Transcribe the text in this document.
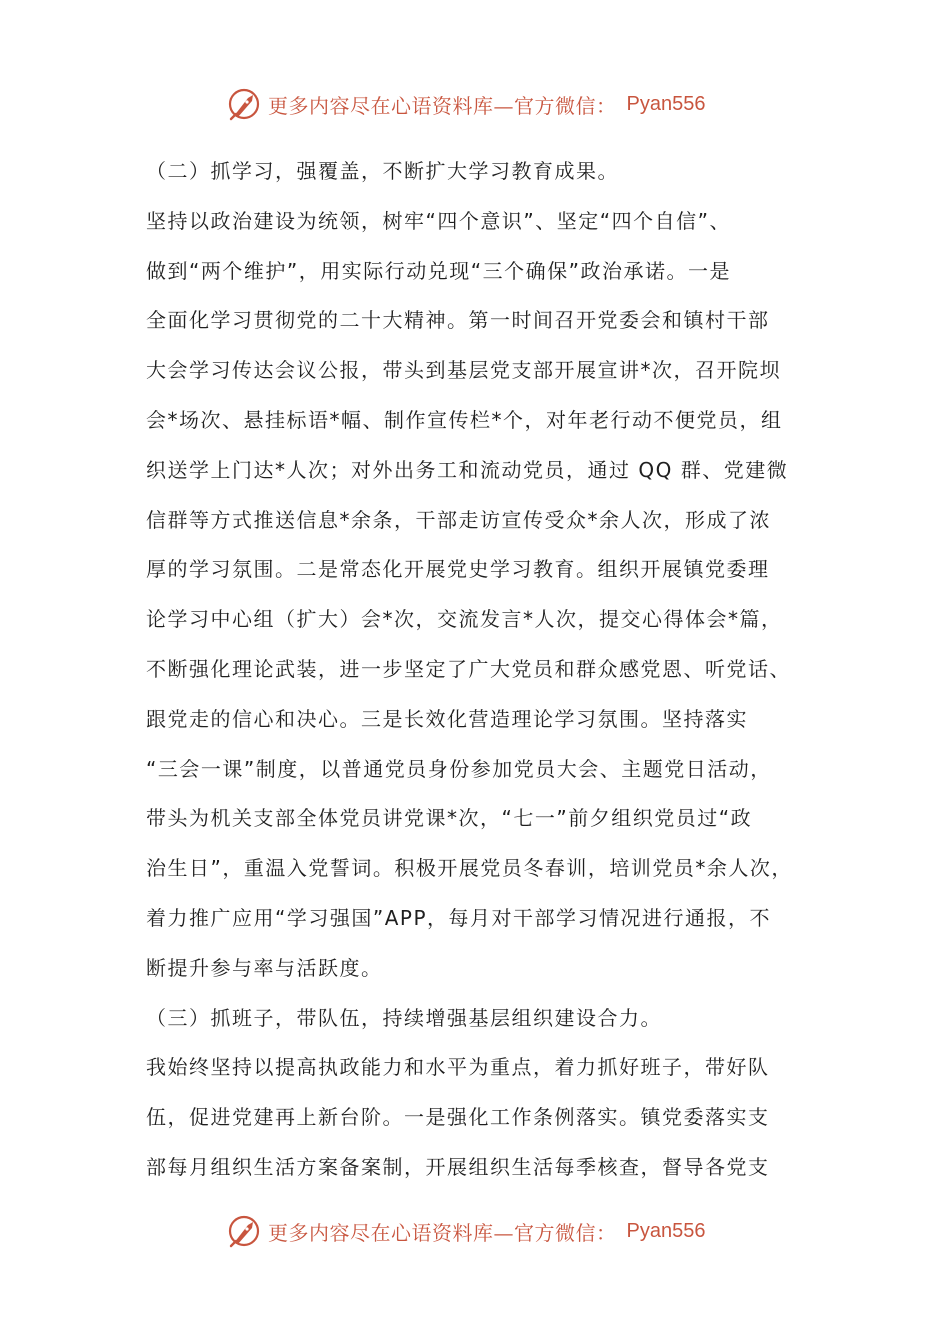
更多内容尽在心语资料库—官方微信： Pyan556
（二）抓学习，强覆盖，不断扩大学习教育成果。
坚持以政治建设为统领，树牢“四个意识”、坚定“四个自信”、
做到“两个维护”，用实际行动兑现“三个确保”政治承诺。一是
全面化学习贯彻党的二十大精神。第一时间召开党委会和镇村干部
大会学习传达会议公报，带头到基层党支部开展宣讲*次，召开院坝
会*场次、悬挂标语*幅、制作宣传栏*个，对年老行动不便党员，组
织送学上门达*人次；对外出务工和流动党员，通过 QQ 群、党建微
信群等方式推送信息*余条，干部走访宣传受众*余人次，形成了浓
厚的学习氛围。二是常态化开展党史学习教育。组织开展镇党委理
论学习中心组（扩大）会*次，交流发言*人次，提交心得体会*篇，
不断强化理论武装，进一步坚定了广大党员和群众感党恩、听党话、
跟党走的信心和决心。三是长效化营造理论学习氛围。坚持落实
“三会一课”制度，以普通党员身份参加党员大会、主题党日活动，
带头为机关支部全体党员讲党课*次，“七一”前夕组织党员过“政
治生日”，重温入党誓词。积极开展党员冬春训，培训党员*余人次，
着力推广应用“学习强国”APP，每月对干部学习情况进行通报，不
断提升参与率与活跃度。
（三）抓班子，带队伍，持续增强基层组织建设合力。
我始终坚持以提高执政能力和水平为重点，着力抓好班子，带好队
伍，促进党建再上新台阶。一是强化工作条例落实。镇党委落实支
部每月组织生活方案备案制，开展组织生活每季核查，督导各党支
更多内容尽在心语资料库—官方微信： Pyan556
